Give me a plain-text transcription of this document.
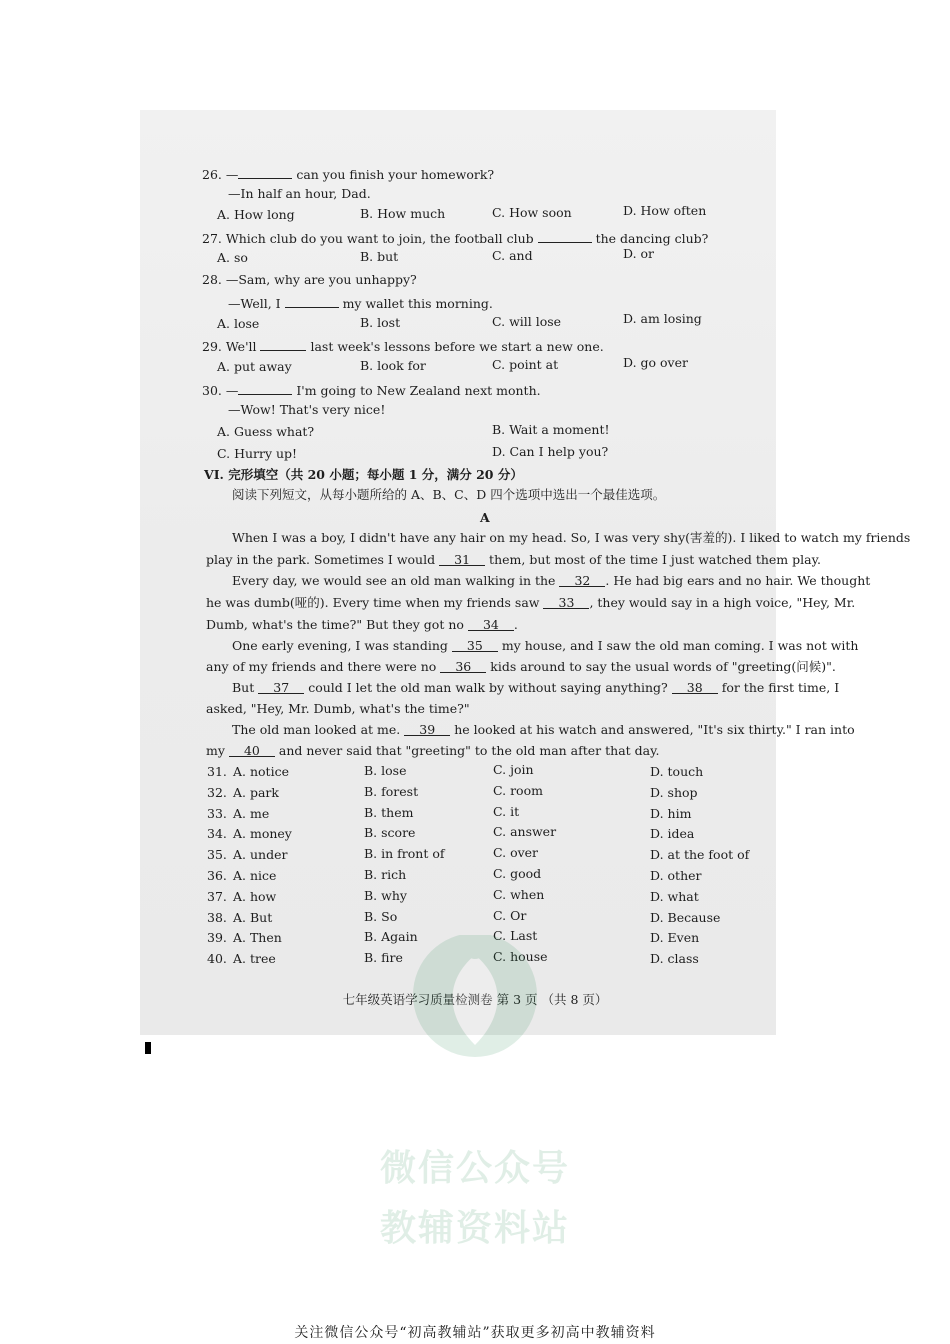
26. —	can you finish your homework?
—In half an hour, Dad.
A. How long	B. How much	C. How soon	D. How often
27. Which club do you want to join, the football club	the dancing club?
A. so	B. but	C. and	D. or
28. —Sam, why are you unhappy?
—Well, I	my wallet this morning.
A. lose	B. lost	C. will lose	D. am losing
29. We'll	last week's lessons before we start a new one.
A. put away	B. look for	C. point at	D. go over
30. —	I'm going to New Zealand next month.
—Wow! That's very nice!
A. Guess what?	B. Wait a moment!
C. Hurry up!	D. Can I help you?
VI. 完形填空（共 20 小题；每小题 1 分，满分 20 分）
阅读下列短文，从每小题所给的 A、B、C、D 四个选项中选出一个最佳选项。
A
When I was a boy, I didn't have any hair on my head. So, I was very shy(害羞的). I liked to watch my friends
play in the park. Sometimes I would 31 them, but most of the time I just watched them play.
Every day, we would see an old man walking in the 32 . He had big ears and no hair. We thought
he was dumb(哑的). Every time when my friends saw 33 , they would say in a high voice, "Hey, Mr.
Dumb, what's the time?" But they got no 34 .
One early evening, I was standing 35 my house, and I saw the old man coming. I was not with
any of my friends and there were no 36 kids around to say the usual words of "greeting(问候)".
But 37 could I let the old man walk by without saying anything? 38 for the first time, I
asked, "Hey, Mr. Dumb, what's the time?"
The old man looked at me. 39 he looked at his watch and answered, "It's six thirty." I ran into
my 40 and never said that "greeting" to the old man after that day.
31. A. notice	B. lose	C. join	D. touch
32. A. park	B. forest	C. room	D. shop
33. A. me	B. them	C. it	D. him
34. A. money	B. score	C. answer	D. idea
35. A. under	B. in front of	C. over	D. at the foot of
36. A. nice	B. rich	C. good	D. other
37. A. how	B. why	C. when	D. what
38. A. But	B. So	C. Or	D. Because
39. A. Then	B. Again	C. Last	D. Even
40. A. tree	B. fire	C. house	D. class
七年级英语学习质量检测卷 第 3 页 （共 8 页）
微信公众号
教辅资料站
关注微信公众号“初高教辅站”获取更多初高中教辅资料
